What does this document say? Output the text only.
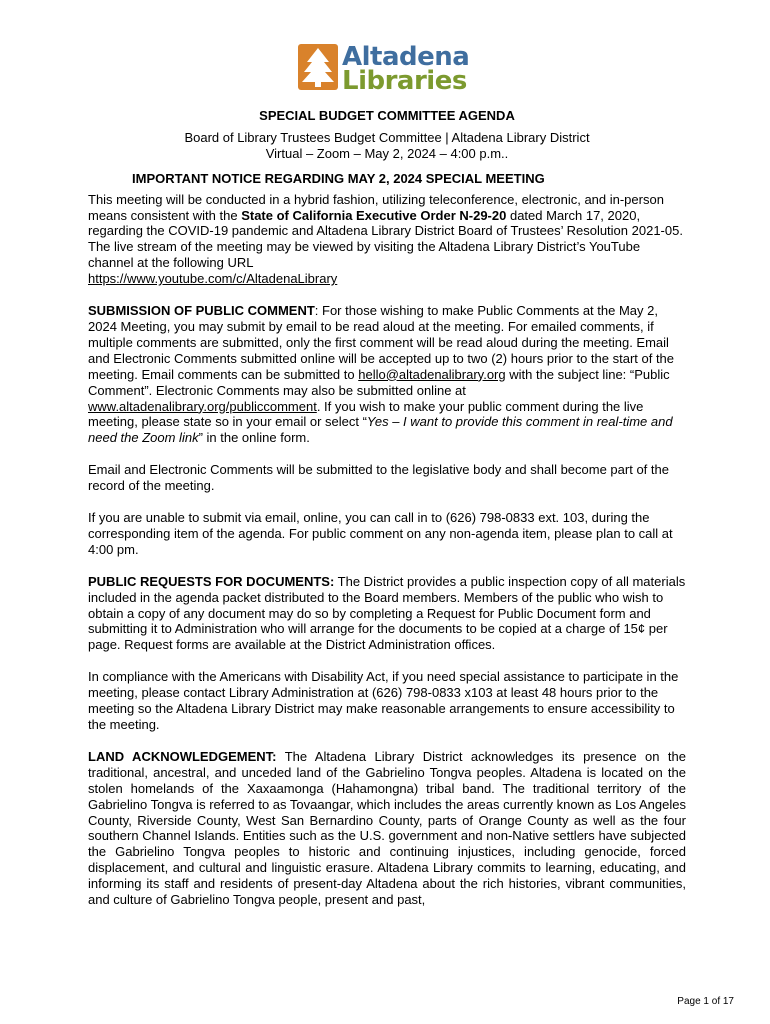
Altadena
Libraries

SPECIAL BUDGET COMMITTEE AGENDA

Board of Library Trustees Budget Committee | Altadena Library District

Virtual – Zoom – May 2, 2024 – 4:00 p.m..

IMPORTANT NOTICE REGARDING MAY 2, 2024 SPECIAL MEETING

This meeting will be conducted in a hybrid fashion, utilizing teleconference, electronic, and in-person means consistent with the State of California Executive Order N-29-20 dated March 17, 2020, regarding the COVID-19 pandemic and Altadena Library District Board of Trustees’ Resolution 2021-05. The live stream of the meeting may be viewed by visiting the Altadena Library District’s YouTube channel at the following URL
https://www.youtube.com/c/AltadenaLibrary

SUBMISSION OF PUBLIC COMMENT: For those wishing to make Public Comments at the May 2, 2024 Meeting, you may submit by email to be read aloud at the meeting. For emailed comments, if multiple comments are submitted, only the first comment will be read aloud during the meeting. Email and Electronic Comments submitted online will be accepted up to two (2) hours prior to the start of the meeting. Email comments can be submitted to hello@altadenalibrary.org with the subject line: “Public Comment”. Electronic Comments may also be submitted online at www.altadenalibrary.org/publiccomment. If you wish to make your public comment during the live meeting, please state so in your email or select “Yes – I want to provide this comment in real-time and need the Zoom link” in the online form.

Email and Electronic Comments will be submitted to the legislative body and shall become part of the record of the meeting.

If you are unable to submit via email, online, you can call in to (626) 798-0833 ext. 103, during the corresponding item of the agenda. For public comment on any non-agenda item, please plan to call at 4:00 pm.

PUBLIC REQUESTS FOR DOCUMENTS: The District provides a public inspection copy of all materials included in the agenda packet distributed to the Board members. Members of the public who wish to obtain a copy of any document may do so by completing a Request for Public Document form and submitting it to Administration who will arrange for the documents to be copied at a charge of 15¢ per page. Request forms are available at the District Administration offices.

In compliance with the Americans with Disability Act, if you need special assistance to participate in the meeting, please contact Library Administration at (626) 798-0833 x103 at least 48 hours prior to the meeting so the Altadena Library District may make reasonable arrangements to ensure accessibility to the meeting.

LAND ACKNOWLEDGEMENT: The Altadena Library District acknowledges its presence on the traditional, ancestral, and unceded land of the Gabrielino Tongva peoples. Altadena is located on the stolen homelands of the Xaxaamonga (Hahamongna) tribal band. The traditional territory of the Gabrielino Tongva is referred to as Tovaangar, which includes the areas currently known as Los Angeles County, Riverside County, West San Bernardino County, parts of Orange County as well as the four southern Channel Islands. Entities such as the U.S. government and non-Native settlers have subjected the Gabrielino Tongva peoples to historic and continuing injustices, including genocide, forced displacement, and cultural and linguistic erasure. Altadena Library commits to learning, educating, and informing its staff and residents of present-day Altadena about the rich histories, vibrant communities, and culture of Gabrielino Tongva people, present and past,

Page 1 of 17
